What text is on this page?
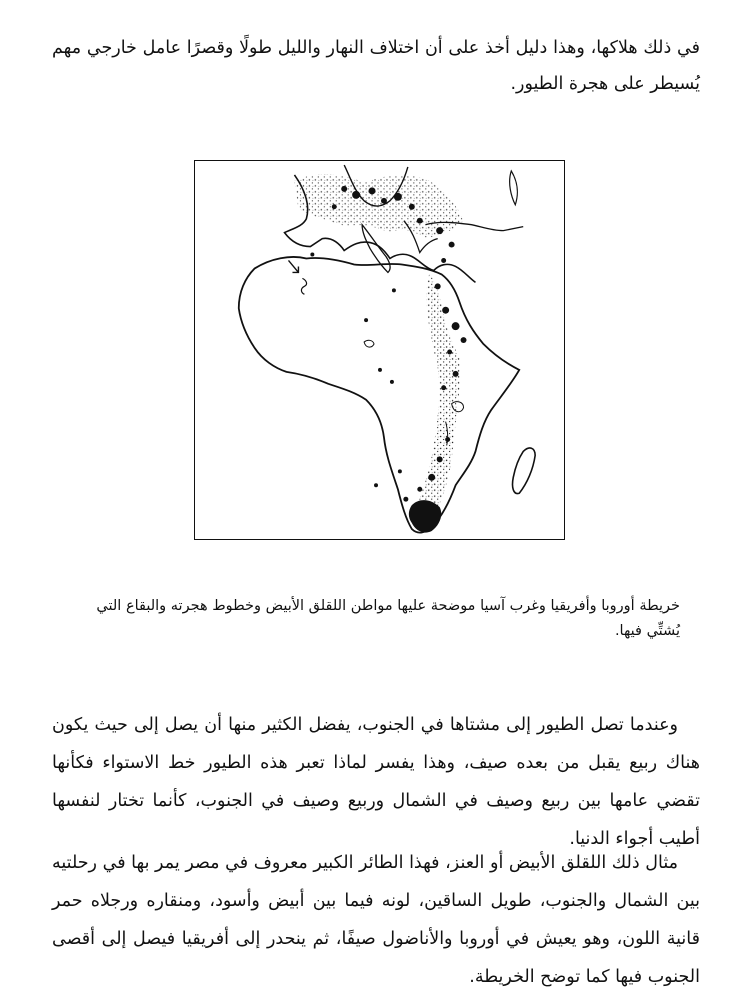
في ذلك هلاكها، وهذا دليل أخذ على أن اختلاف النهار والليل طولًا وقصرًا عامل خارجي مهم يُسيطر على هجرة الطيور.

خريطة أوروبا وأفريقيا وغرب آسيا موضحة عليها مواطن اللقلق الأبيض وخطوط هجرته والبقاع التي يُشتِّي فيها.

وعندما تصل الطيور إلى مشتاها في الجنوب، يفضل الكثير منها أن يصل إلى حيث يكون هناك ربيع يقبل من بعده صيف، وهذا يفسر لماذا تعبر هذه الطيور خط الاستواء فكأنها تقضي عامها بين ربيع وصيف في الشمال وربيع وصيف في الجنوب، كأنما تختار لنفسها أطيب أجواء الدنيا.

مثال ذلك اللقلق الأبيض أو العنز، فهذا الطائر الكبير معروف في مصر يمر بها في رحلتيه بين الشمال والجنوب، طويل الساقين، لونه فيما بين أبيض وأسود، ومنقاره ورجلاه حمر قانية اللون، وهو يعيش في أوروبا والأناضول صيفًا، ثم ينحدر إلى أفريقيا فيصل إلى أقصى الجنوب فيها كما توضح الخريطة.
